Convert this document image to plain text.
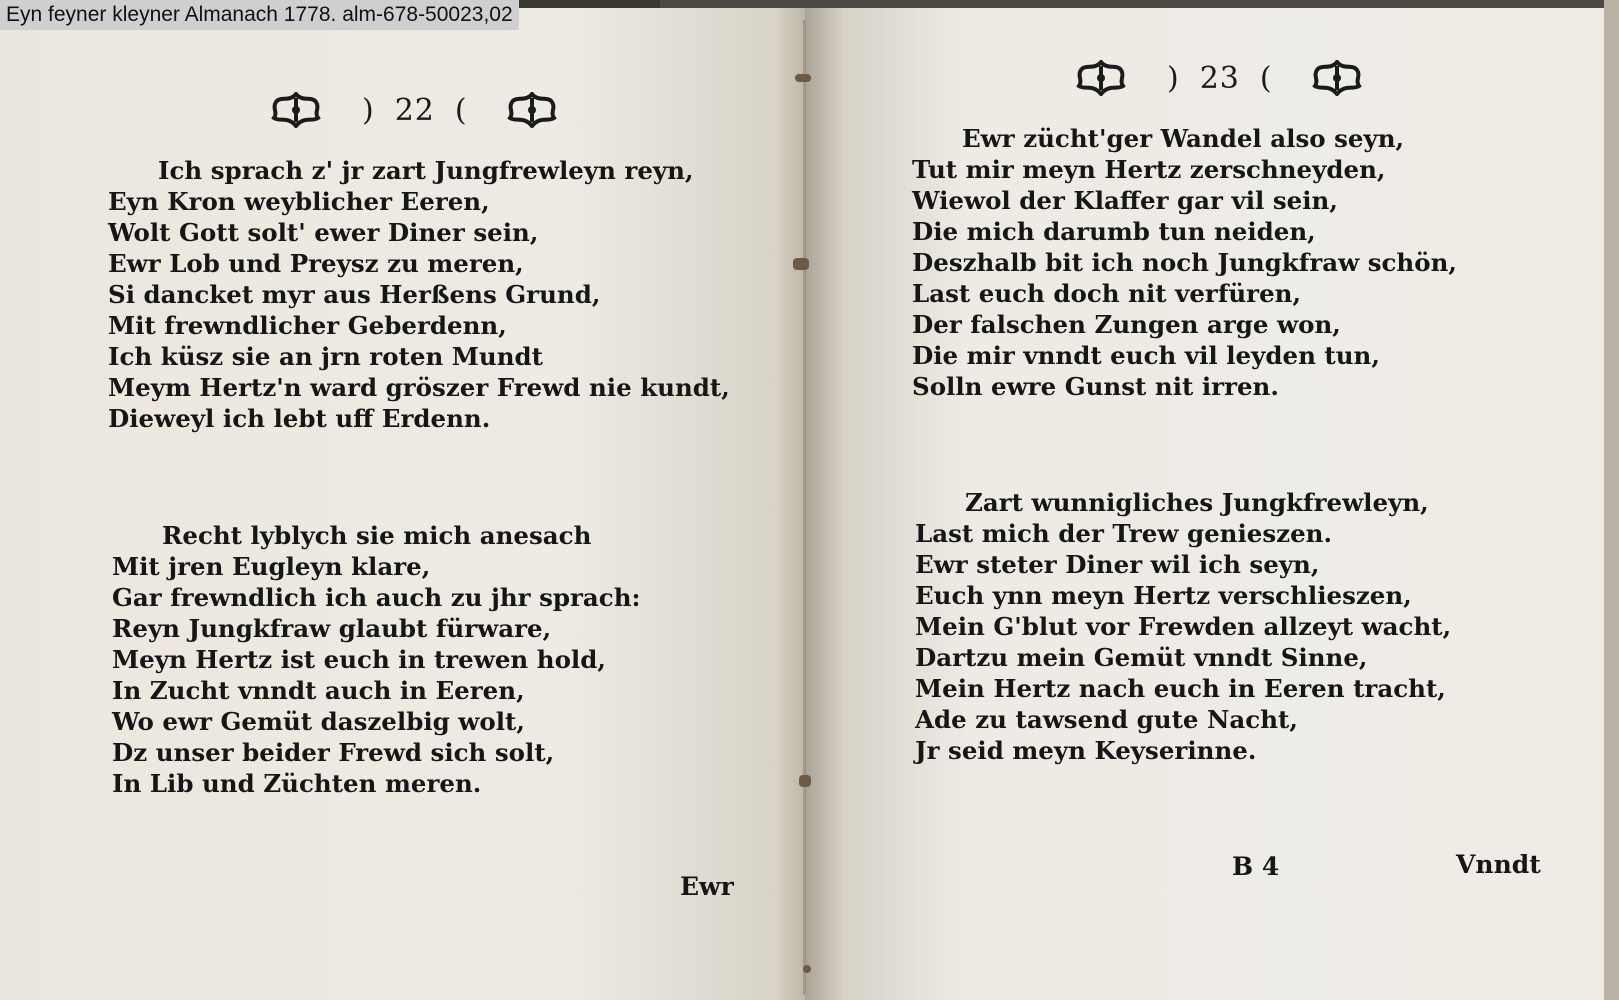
) 22 (
Ich sprach z' jr zart Jungfrewleyn reyn,
Eyn Kron weyblicher Eeren,
Wolt Gott solt' ewer Diner sein,
Ewr Lob und Preysz zu meren,
Si dancket myr aus Herßens Grund,
Mit frewndlicher Geberdenn,
Ich küsz sie an jrn roten Mundt
Meym Hertz'n ward gröszer Frewd nie kundt,
Dieweyl ich lebt uff Erdenn.
Recht lyblych sie mich anesach
Mit jren Eugleyn klare,
Gar frewndlich ich auch zu jhr sprach:
Reyn Jungkfraw glaubt fürware,
Meyn Hertz ist euch in trewen hold,
In Zucht vnndt auch in Eeren,
Wo ewr Gemüt daszelbig wolt,
Dz unser beider Frewd sich solt,
In Lib und Züchten meren.
Ewr
) 23 (
Ewr zücht'ger Wandel also seyn,
Tut mir meyn Hertz zerschneyden,
Wiewol der Klaffer gar vil sein,
Die mich darumb tun neiden,
Deszhalb bit ich noch Jungkfraw schön,
Last euch doch nit verfüren,
Der falschen Zungen arge won,
Die mir vnndt euch vil leyden tun,
Solln ewre Gunst nit irren.
Zart wunnigliches Jungkfrewleyn,
Last mich der Trew genieszen.
Ewr steter Diner wil ich seyn,
Euch ynn meyn Hertz verschlieszen,
Mein G'blut vor Frewden allzeyt wacht,
Dartzu mein Gemüt vnndt Sinne,
Mein Hertz nach euch in Eeren tracht,
Ade zu tawsend gute Nacht,
Jr seid meyn Keyserinne.
B 4	Vnndt
Eyn feyner kleyner Almanach 1778. alm-678-50023,02
